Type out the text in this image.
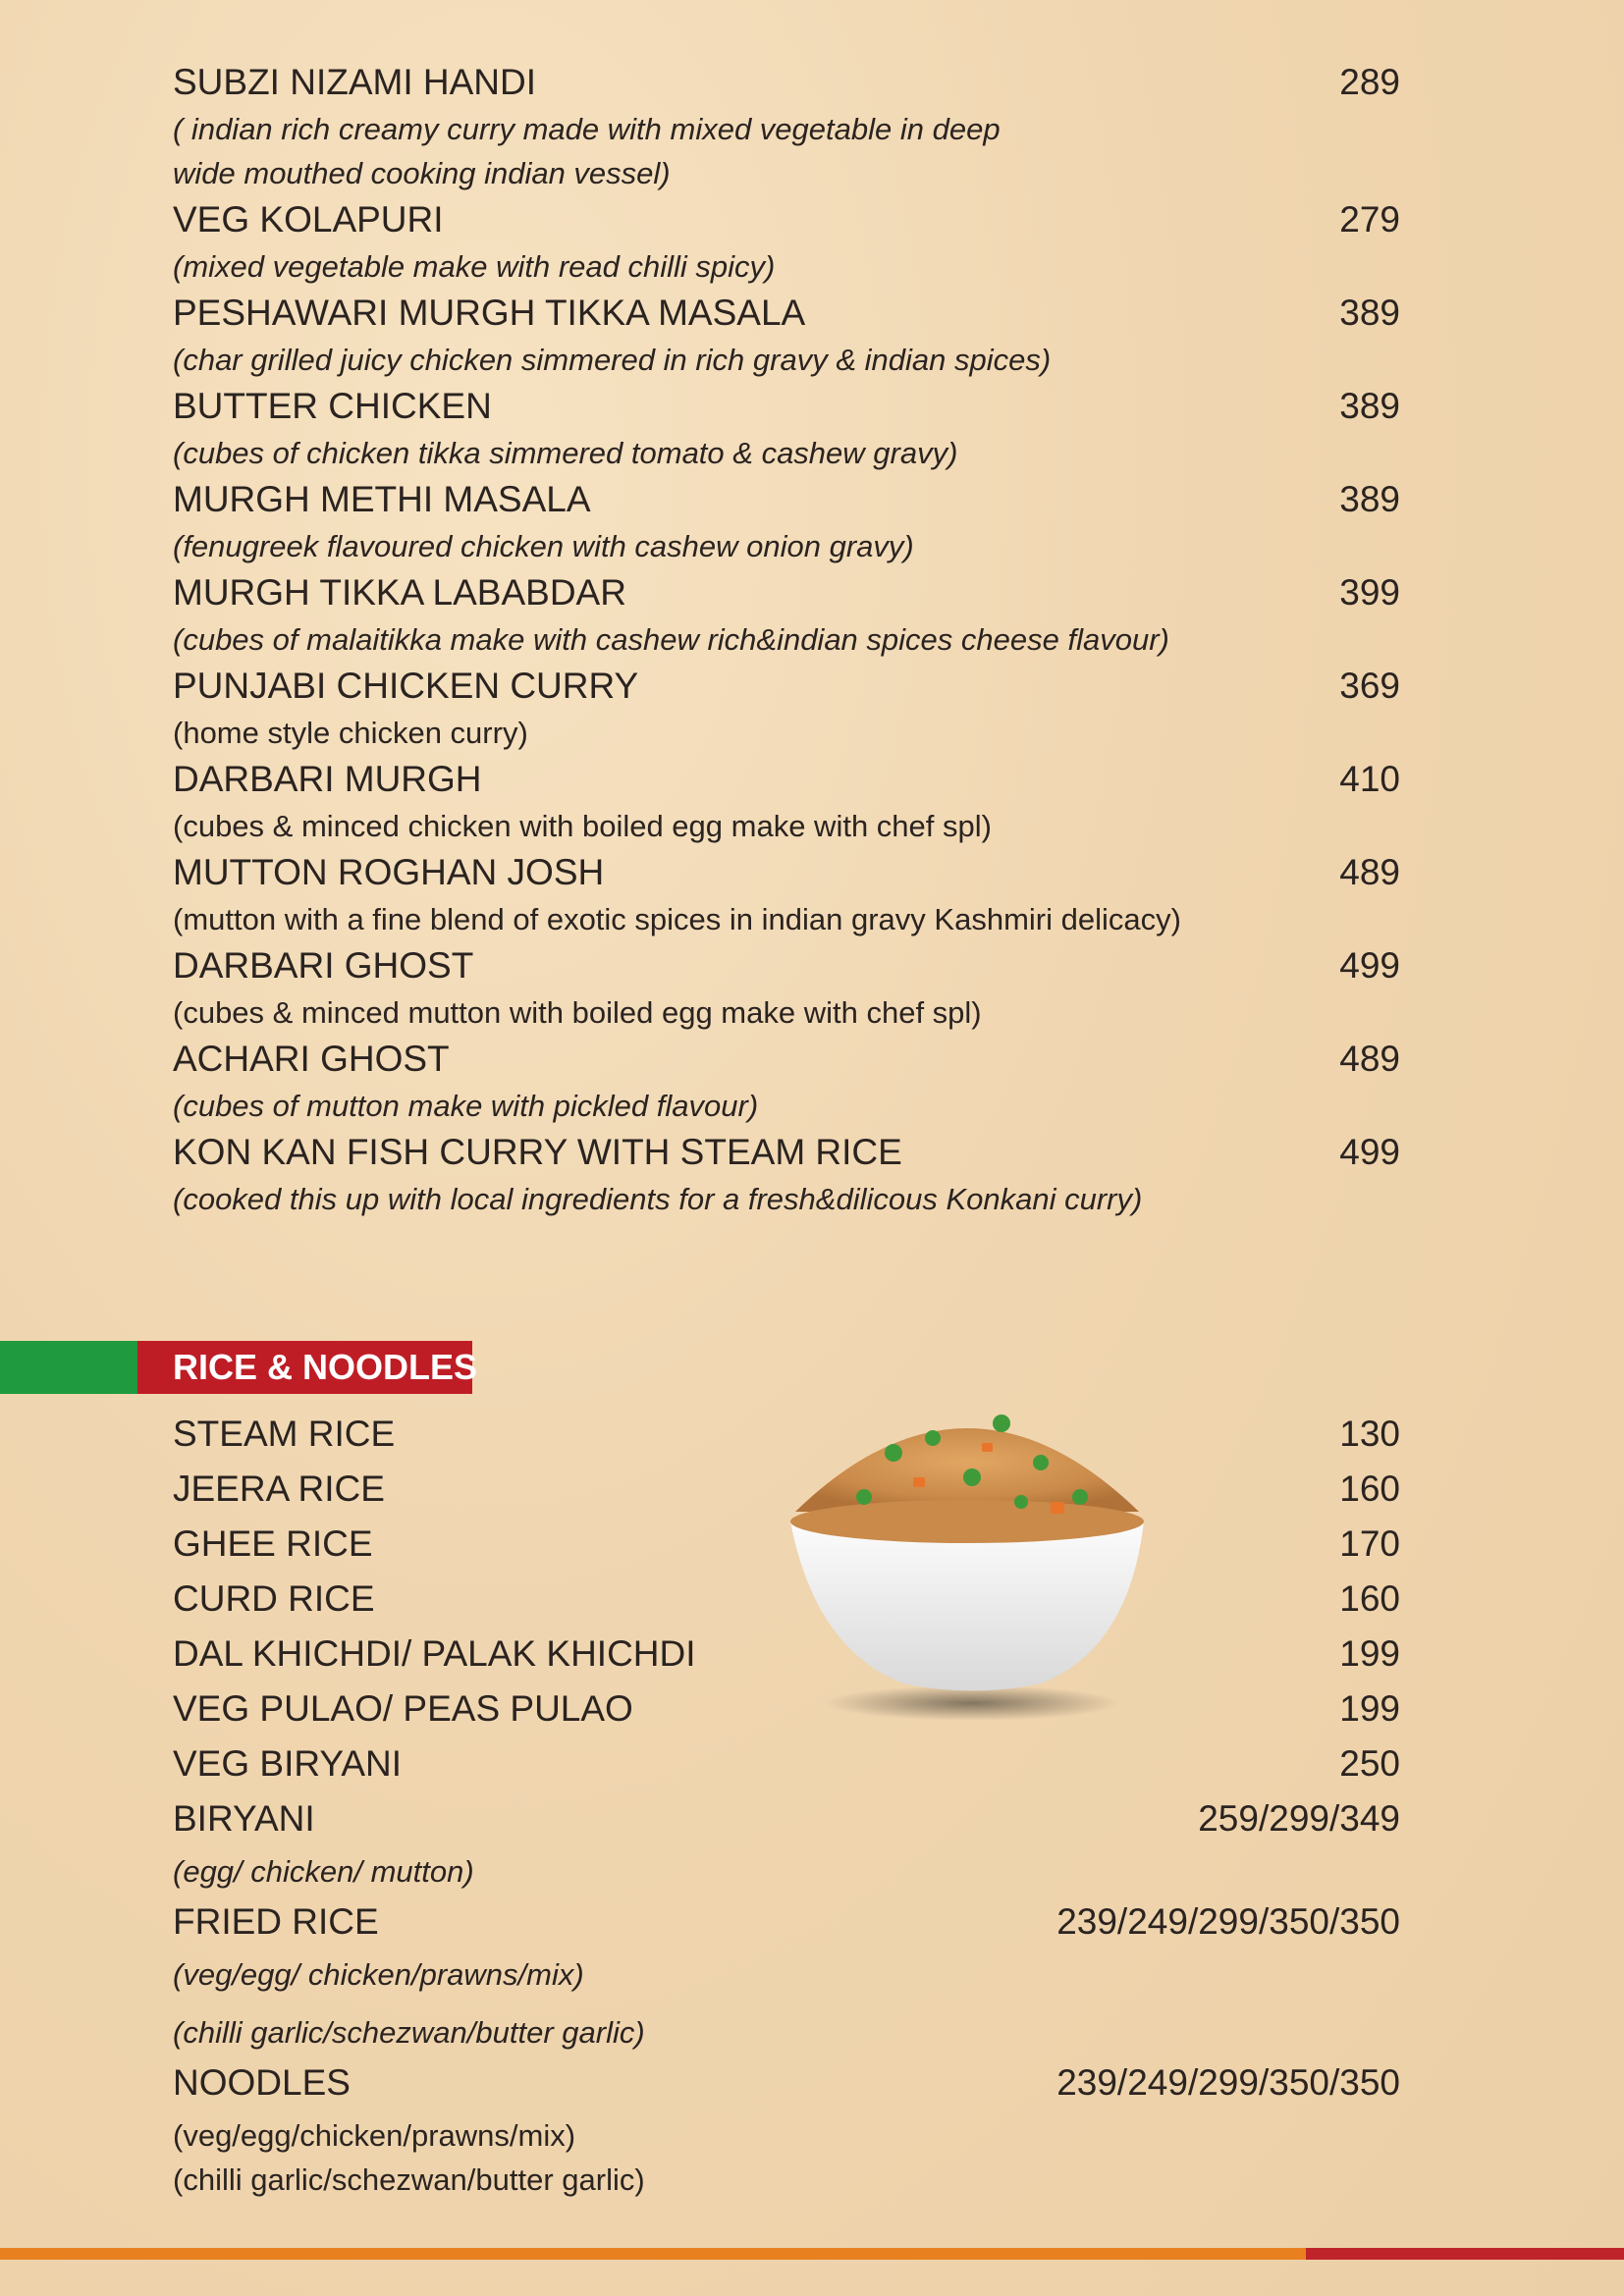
SUBZI NIZAMI HANDI	289
( indian rich creamy curry made with mixed vegetable in deep
wide mouthed cooking indian vessel)
VEG KOLAPURI	279
(mixed vegetable make with read chilli spicy)
PESHAWARI MURGH TIKKA MASALA	389
(char grilled juicy chicken simmered in rich gravy & indian spices)
BUTTER CHICKEN	389
(cubes of chicken tikka simmered tomato & cashew gravy)
MURGH METHI MASALA	389
(fenugreek flavoured chicken with cashew onion gravy)
MURGH TIKKA LABABDAR	399
(cubes of malaitikka make with cashew rich&indian spices cheese flavour)
PUNJABI CHICKEN CURRY	369
(home style chicken curry)
DARBARI MURGH	410
(cubes & minced chicken with boiled egg make with chef spl)
MUTTON ROGHAN JOSH	489
(mutton with a fine blend of exotic spices in indian gravy Kashmiri delicacy)
DARBARI GHOST	499
(cubes & minced mutton with boiled egg make with chef spl)
ACHARI GHOST	489
(cubes of mutton make with pickled flavour)
KON KAN FISH CURRY WITH STEAM RICE	499
(cooked this up with local ingredients for a fresh&dilicous Konkani curry)
RICE & NOODLES
STEAM RICE	130
JEERA RICE	160
GHEE RICE	170
CURD RICE	160
DAL KHICHDI/ PALAK KHICHDI	199
VEG PULAO/ PEAS PULAO	199
VEG BIRYANI	250
BIRYANI	259/299/349
(egg/ chicken/ mutton)
FRIED RICE	239/249/299/350/350
(veg/egg/ chicken/prawns/mix)
(chilli garlic/schezwan/butter garlic)
NOODLES	239/249/299/350/350
(veg/egg/chicken/prawns/mix)
(chilli garlic/schezwan/butter garlic)
